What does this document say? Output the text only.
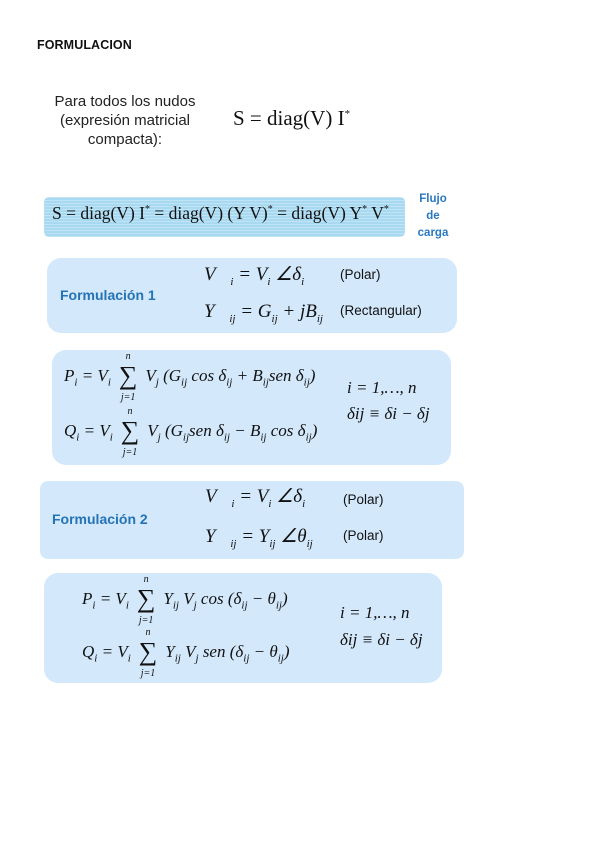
FORMULACION
Para todos los nudos
(expresión matricial
compacta):
S = diag(V) I*
S = diag(V) I* = diag(V) (Y V)* = diag(V) Y* V*
Flujo
de
carga
Formulación 1
$V⃗_i = V_i$ $\angle\delta_i$
$Y⃗_{ij} = G_{ij} + jB_{ij}$
(Polar)
(Rectangular)
$P_i = V_i$
n
∑
j=1
$V_j$ ($G_{ij}$ $\cos \delta_{ij} + B_{ij}sen$ $\delta_{ij}$)
$Q_i = V_i$
n
∑
j=1
$V_j$ ($G_{ij}sen$ $\delta_{ij} - B_{ij}$ $\cos \delta_{ij}$)
i = 1,…, n
δij ≡ δi − δj
Formulación 2
$V⃗_i = V_i$ $\angle\delta_i$
$Y⃗_{ij} = Y_{ij}$ $\angle\theta_{ij}$
(Polar)
(Polar)
$P_i = V_i$
n
∑
j=1
$Y_{ij}$ $V_j$ $\cos (\delta_{ij} - \theta_{ij})$
$Q_i = V_i$
n
∑
j=1
$Y_{ij}$ $V_j$ sen $(\delta_{ij} - \theta_{ij})$
i = 1,…, n
δij ≡ δi − δj
